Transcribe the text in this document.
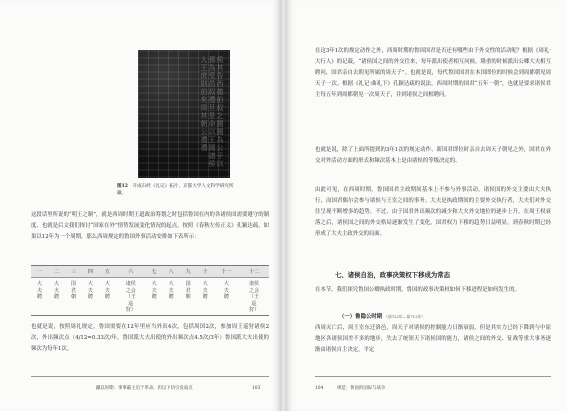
侯其告西德伯叔之國國為公子以孫為受邑叔禮旦是命以王國諸侯人王庶則伯矣周其朝公禮禮
图12 开成石经《礼记》拓片，京都大学人文科学研究所藏。
这段话里所说的“明王之制”，就是西周时期王道政治筹划之时包括鲁国在内的各诸侯国需要遵守的制度，也就是后文我们探讨“国家在外”情势发展变化情况的起点。按照《春秋左传正义》孔颖达疏，如果以12年为一个周期，那么西周规定的鲁国外事活动安排如下表所示：
一	二	三	四	五	六	七	八	九	十	十一	十二
大夫聘	大夫聘	国君朝	大夫聘	大夫聘	诸侯之会（王巡狩）	大夫聘	大夫聘	国君朝	大夫聘	大夫聘	诸侯之会（王巡狩）
也就是说，按照周礼规定，鲁国需要在12年里应当外出4次，包括周国2次，参加周王巡狩诸侯2次，外出频次点（4/12=0.33次/年，鲁国派大夫出使的外出频次点4.5次/3年）鲁国派大夫出使的频次为每年1次。
鐵以时期：事事霸主迫于革命，但以下切引发弱点	103
在这3年1次的规定动作之外，西周时期的鲁国国君是否还有哪些由于外交性的活动呢？根据《周礼·大行人》的记载，“诸侯国之间的外交往来，每年派出使者相互问候，隆重的时候派出公卿大夫相互聘问，国君亲自去朝见所属的周天子”。也就是说，每代鲁国国君在本国即位的时候会到周都朝见周天子一次。根据《礼记·曲礼下》孔颖达疏的说法，西周时期的国君“五年一朝”，也就是要求诸侯君主每五年到周都朝见一次周天子，并到诸侯之间相聘问。
也就是说，除了上面所提到的3年1次的规定动作、新国君即位时亲自去周天子朝见之外，国君在外交对外活动方面的形式和频次基本上是由诸侯的等级决定的。
由此可见，在西周时期，鲁国国君主政期间基本上不参与外事活动，诸侯国的外交主要由大夫执行，而国君偶尔会参与诸侯与王室之间的事务。大夫是执政期间的主要外交执行者，大夫们对外交往呈现不断增多的趋势。不过，由于国君外出频次的减少和大夫外交地位的逐步上升，在周王权衰落之后，诸侯国之间的外交格局逐渐发生了变化，国君权力下移的趋势日益明显，到春秋时期已经形成了大夫主政外交的局面。
七、诸侯自治，政事决策权下移成为常态
在本节，我们探究鲁国公卿执政时期，鲁国的政事决策权如何下移进程是如何发生的。
（一）鲁隐公时期 （前722年—前712年）
西周灭亡后，周王室东迁洛邑，周天子对诸侯的控制能力日渐衰弱，但是其实力已经下降到与中原地区各诸侯国差不多的地步，失去了统领天下诸侯国的能力，诸侯之间的外交、征战等重大事务逐渐由诸侯自主决定，平定
104	规范：鲁国的国际与战争
